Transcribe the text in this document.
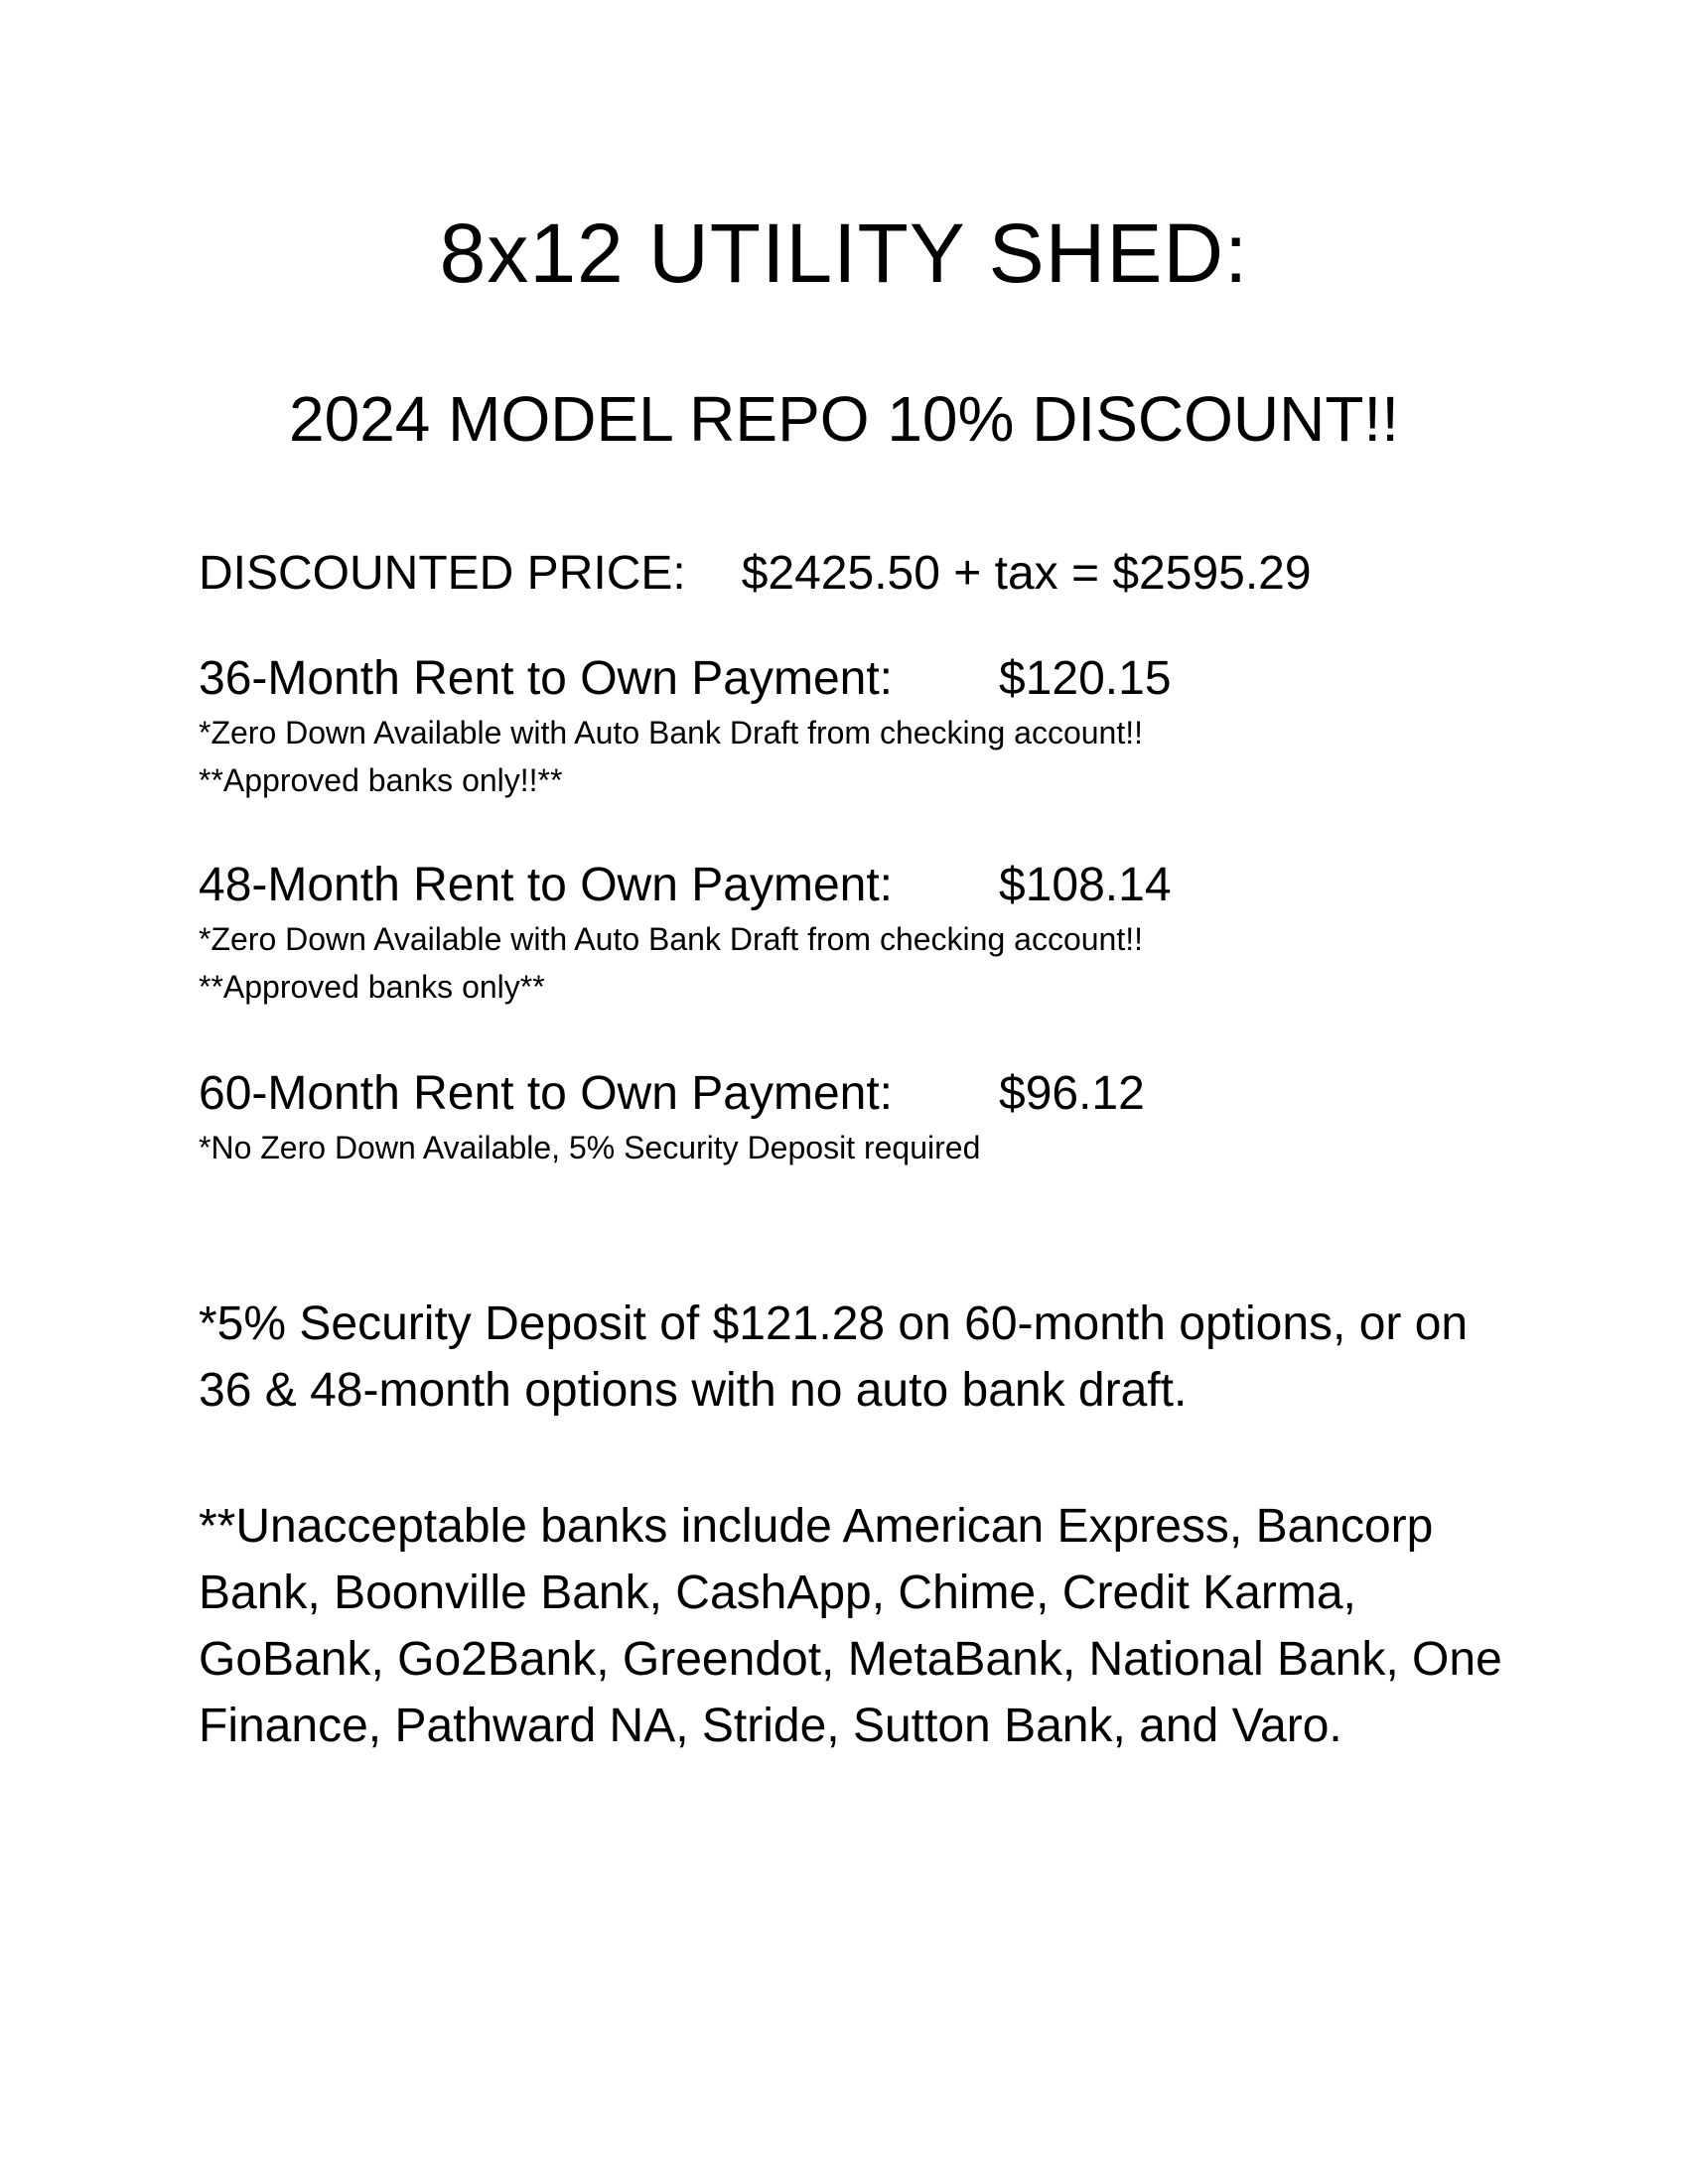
8x12 UTILITY SHED:
2024 MODEL REPO 10% DISCOUNT!!
DISCOUNTED PRICE: $2425.50 + tax = $2595.29
36-Month Rent to Own Payment: $120.15
*Zero Down Available with Auto Bank Draft from checking account!!
**Approved banks only!!**
48-Month Rent to Own Payment: $108.14
*Zero Down Available with Auto Bank Draft from checking account!!
**Approved banks only**
60-Month Rent to Own Payment: $96.12
*No Zero Down Available, 5% Security Deposit required
*5% Security Deposit of $121.28 on 60-month options, or on 36 & 48-month options with no auto bank draft.
**Unacceptable banks include American Express, Bancorp Bank, Boonville Bank, CashApp, Chime, Credit Karma, GoBank, Go2Bank, Greendot, MetaBank, National Bank, One Finance, Pathward NA, Stride, Sutton Bank, and Varo.
